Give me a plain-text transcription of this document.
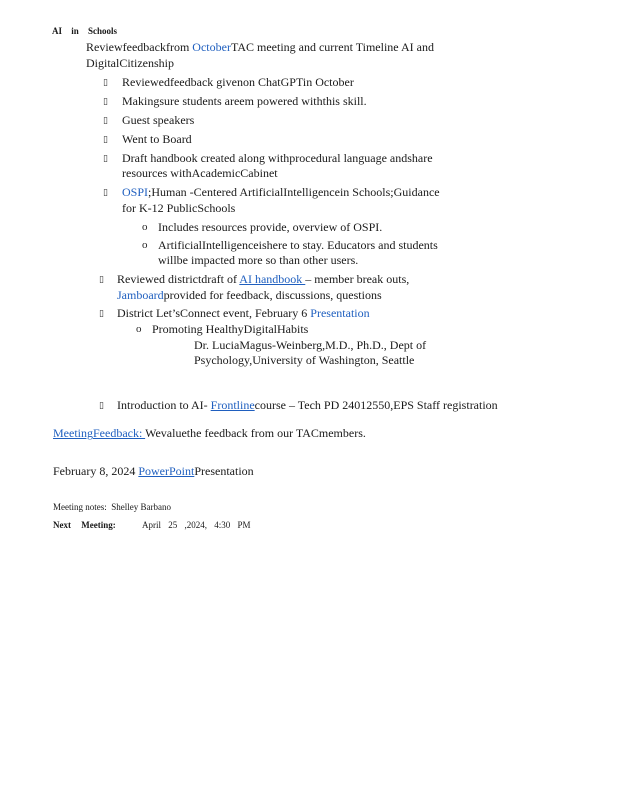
AI in Schools
Reviewfeedbackfrom OctoberTAC meeting and current Timeline AI and
DigitalCitizenship
▯ Reviewedfeedback givenon ChatGPTin October
▯ Makingsure students areem powered withthis skill.
▯ Guest speakers
▯ Went to Board
▯ Draft handbook created along withprocedural language andshare
resources withAcademicCabinet
▯ OSPI;Human -Centered ArtificialIntelligencein Schools;Guidance
for K-12 PublicSchools
o Includes resources provide, overview of OSPI.
o ArtificialIntelligenceishere to stay. Educators and students
willbe impacted more so than other users.
▯ Reviewed districtdraft of AI handbook – member break outs,
Jamboardprovided for feedback, discussions, questions
▯ District Let’sConnect event, February 6 Presentation
o Promoting HealthyDigitalHabits
Dr. LuciaMagus-Weinberg,M.D., Ph.D., Dept of
Psychology,University of Washington, Seattle
▯ Introduction to AI- Frontlinecourse – Tech PD 24012550,EPS Staff registration
MeetingFeedback: Wevaluethe feedback from our TACmembers.
February 8, 2024 PowerPointPresentation
Meeting notes: Shelley Barbano
Next Meeting:	April 25 ,2024, 4:30 PM
